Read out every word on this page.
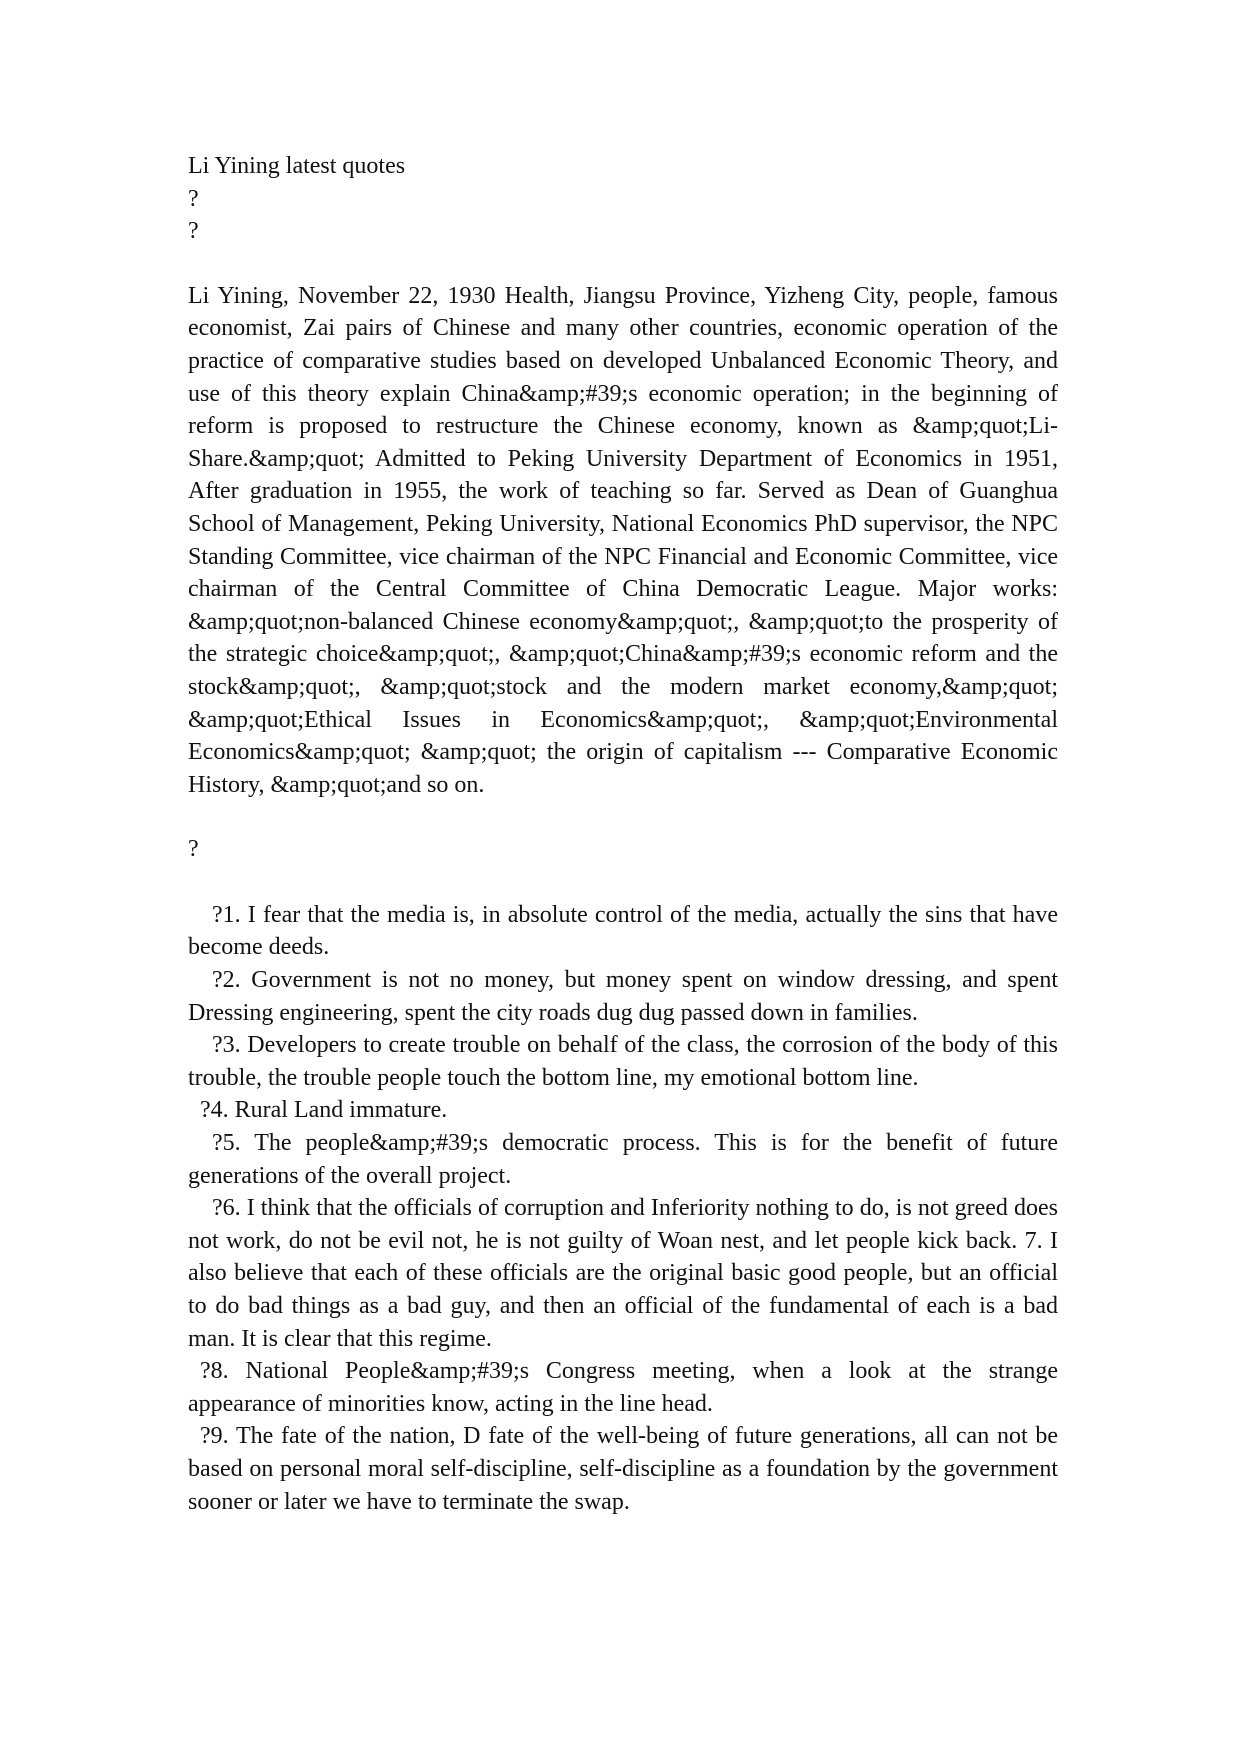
Li Yining latest quotes

?

?

Li Yining, November 22, 1930 Health, Jiangsu Province, Yizheng City, people, famous economist, Zai pairs of Chinese and many other countries, economic operation of the practice of comparative studies based on developed Unbalanced Economic Theory, and use of this theory explain China&amp;#39;s economic operation; in the beginning of reform is proposed to restructure the Chinese economy, known as &amp;quot;Li-Share.&amp;quot; Admitted to Peking University Department of Economics in 1951, After graduation in 1955, the work of teaching so far. Served as Dean of Guanghua School of Management, Peking University, National Economics PhD supervisor, the NPC Standing Committee, vice chairman of the NPC Financial and Economic Committee, vice chairman of the Central Committee of China Democratic League. Major works: &amp;quot;non-balanced Chinese economy&amp;quot;, &amp;quot;to the prosperity of the strategic choice&amp;quot;, &amp;quot;China&amp;#39;s economic reform and the stock&amp;quot;, &amp;quot;stock and the modern market economy,&amp;quot; &amp;quot;Ethical Issues in Economics&amp;quot;, &amp;quot;Environmental Economics&amp;quot; &amp;quot; the origin of capitalism --- Comparative Economic History, &amp;quot;and so on.

?

?1. I fear that the media is, in absolute control of the media, actually the sins that have become deeds.

?2. Government is not no money, but money spent on window dressing, and spent Dressing engineering, spent the city roads dug dug passed down in families.

?3. Developers to create trouble on behalf of the class, the corrosion of the body of this trouble, the trouble people touch the bottom line, my emotional bottom line.

?4. Rural Land immature.

?5. The people&amp;#39;s democratic process. This is for the benefit of future generations of the overall project.

?6. I think that the officials of corruption and Inferiority nothing to do, is not greed does not work, do not be evil not, he is not guilty of Woan nest, and let people kick back. 7. I also believe that each of these officials are the original basic good people, but an official to do bad things as a bad guy, and then an official of the fundamental of each is a bad man. It is clear that this regime.

?8. National People&amp;#39;s Congress meeting, when a look at the strange appearance of minorities know, acting in the line head.

?9. The fate of the nation, D fate of the well-being of future generations, all can not be based on personal moral self-discipline, self-discipline as a foundation by the government sooner or later we have to terminate the swap.
